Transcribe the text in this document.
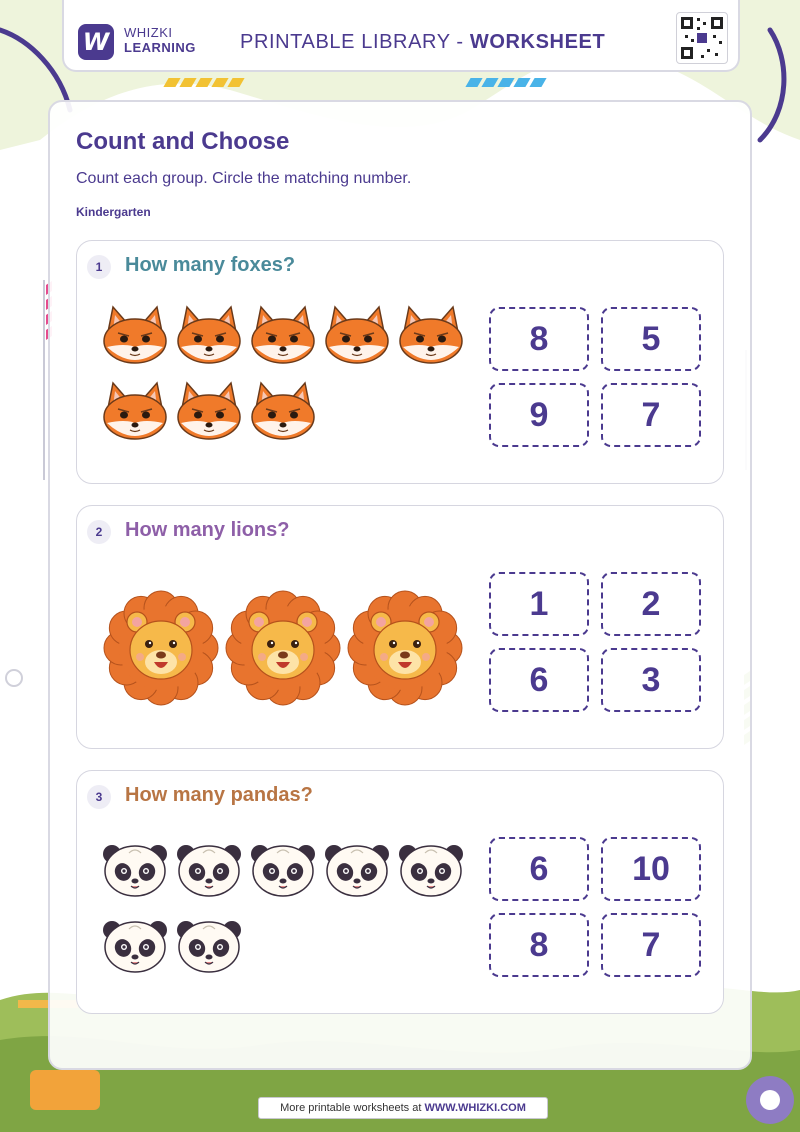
W	WHIZKI
LEARNING PRINTABLE LIBRARY - WORKSHEET
Count and Choose
Count each group. Circle the matching number.
Kindergarten
1	How many foxes?
8	5
9	7
2	How many lions?
1	2
6	3
3	How many pandas?
6	10
8	7
More printable worksheets at WWW.WHIZKI.COM
